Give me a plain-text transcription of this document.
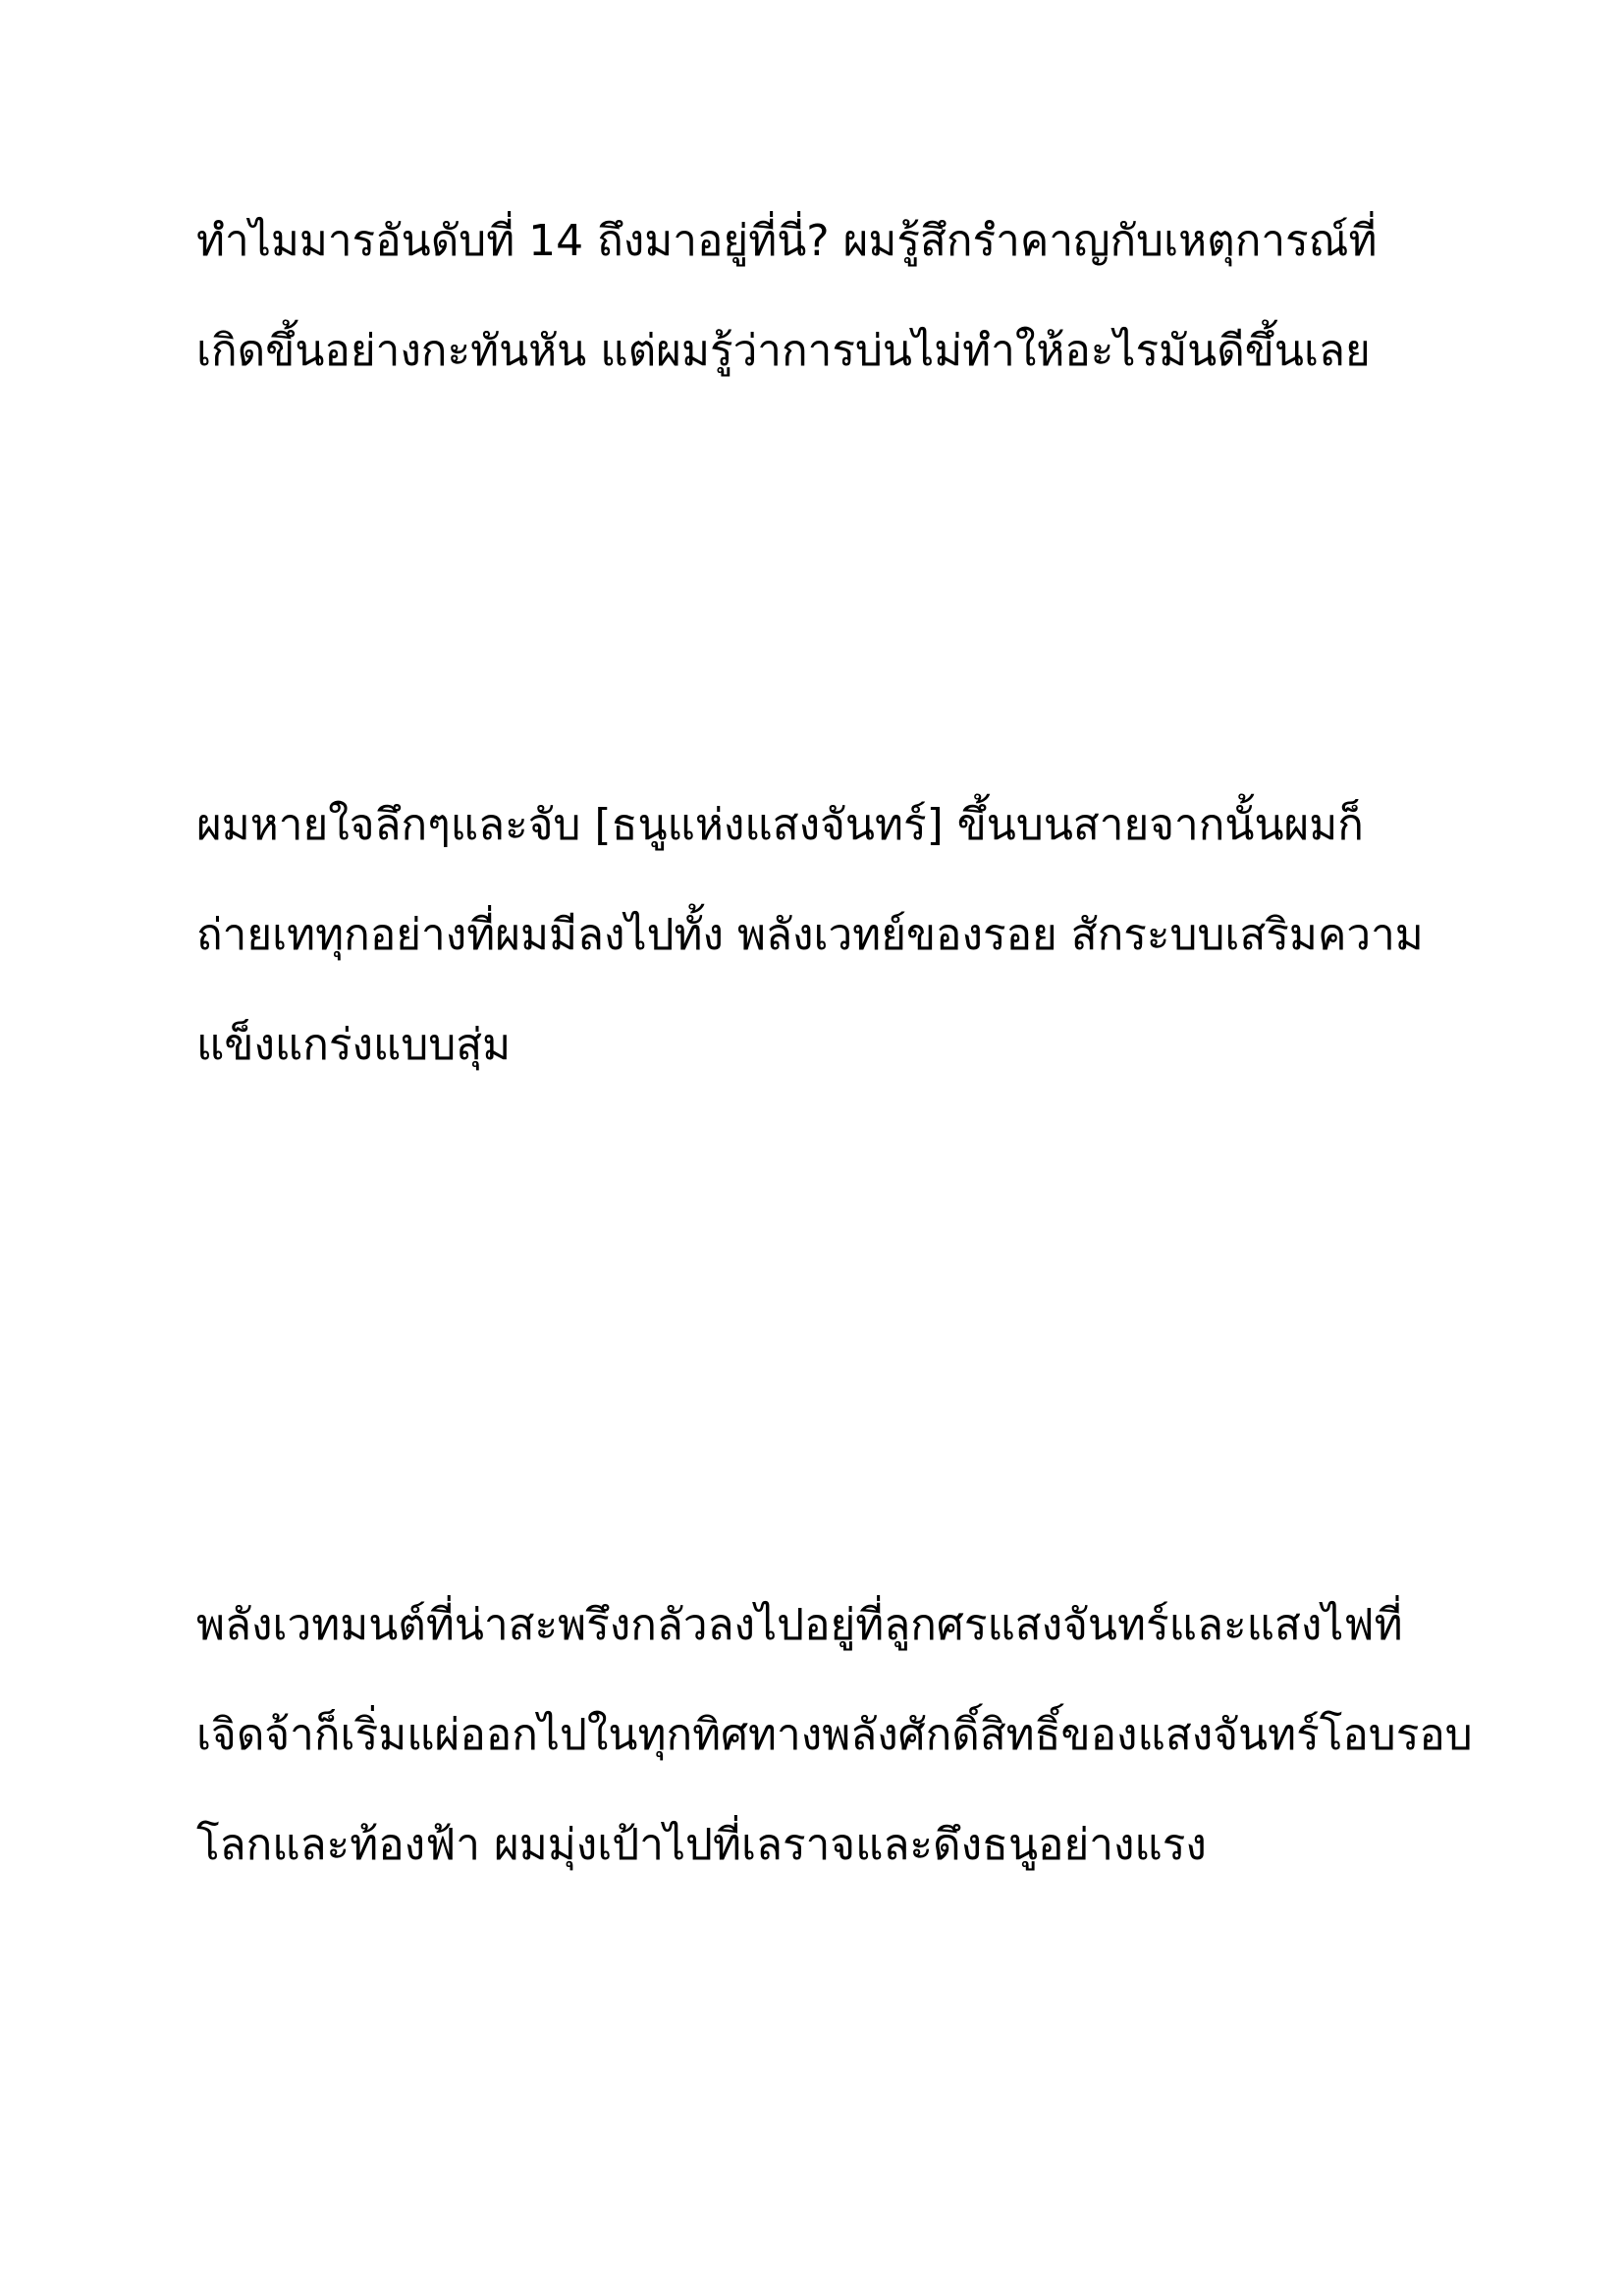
ทำไมมารอันดับที่ 14 ถึงมาอยู่ที่นี่? ผมรู้สึกรำคาญกับเหตุการณ์ที่
เกิดขึ้นอย่างกะทันหัน แต่ผมรู้ว่าการบ่นไม่ทำให้อะไรมันดีขึ้นเลย
ผมหายใจลึกๆและจับ [ธนูแห่งแสงจันทร์] ขึ้นบนสายจากนั้นผมก็
ถ่ายเททุกอย่างที่ผมมีลงไปทั้ง พลังเวทย์ของรอย สักระบบเสริมความ
แข็งแกร่งแบบสุ่ม
พลังเวทมนต์ที่น่าสะพรึงกลัวลงไปอยู่ที่ลูกศรแสงจันทร์และแสงไฟที่
เจิดจ้าก็เริ่มแผ่ออกไปในทุกทิศทางพลังศักดิ์สิทธิ์ของแสงจันทร์โอบรอบ
โลกและท้องฟ้า ผมมุ่งเป้าไปที่เลราจและดึงธนูอย่างแรง
